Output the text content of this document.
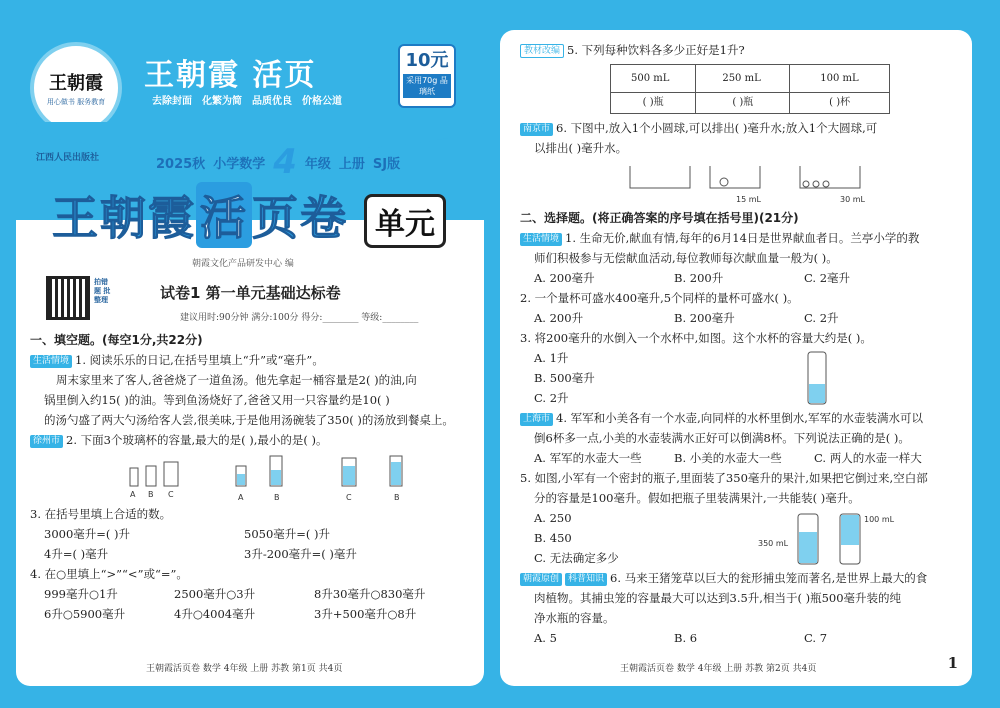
王朝霞
用心做书 服务教育
王朝霞 活页
去除封面 化繁为简 品质优良 价格公道
10元
采用70g 晶璃纸
江西人民出版社	2025秋 小学数学 4 年级 上册 SJ版
王朝霞活页卷 单元
朝霞文化产品研发中心 编
拍错题 批整理	试卷1 第一单元基础达标卷
建议用时:90分钟 满分:100分 得分:________ 等级:________
一、填空题。(每空1分,共22分)
生活情境 1. 阅读乐乐的日记,在括号里填上“升”或“毫升”。
周末家里来了客人,爸爸烧了一道鱼汤。他先拿起一桶容量是2( )的油,向
锅里倒入约15( )的油。等到鱼汤烧好了,爸爸又用一只容量约是10( )
的汤勺盛了两大勺汤给客人尝,很美味,于是他用汤碗装了350( )的汤放到餐桌上。
徐州市 2. 下面3个玻璃杯的容量,最大的是( ),最小的是( )。
A B C	A	B	C	B
3. 在括号里填上合适的数。
3000毫升=( )升	5050毫升=( )升
4升=( )毫升	3升-200毫升=( )毫升
4. 在○里填上“>”“<”或“=”。
999毫升○1升	2500毫升○3升	8升30毫升○830毫升
6升○5900毫升	4升○4004毫升	3升+500毫升○8升
王朝霞活页卷 数学 4年级 上册 苏教 第1页 共4页
教材改编 5. 下列每种饮料各多少正好是1升?
500 mL	250 mL	100 mL
( )瓶	( )瓶	( )杯
南京市 6. 下图中,放入1个小圆球,可以排出( )毫升水;放入1个大圆球,可
以排出( )毫升水。
15 mL	30 mL
二、选择题。(将正确答案的序号填在括号里)(21分)
生活情境 1. 生命无价,献血有情,每年的6月14日是世界献血者日。兰亭小学的教
师们积极参与无偿献血活动,每位教师每次献血量一般为( )。
A. 200毫升	B. 200升	C. 2毫升
2. 一个量杯可盛水400毫升,5个同样的量杯可盛水( )。
A. 200升	B. 200毫升	C. 2升
3. 将200毫升的水倒入一个水杯中,如图。这个水杯的容量大约是( )。
A. 1升
B. 500毫升
C. 2升
上海市 4. 军军和小美各有一个水壶,向同样的水杯里倒水,军军的水壶装满水可以
倒6杯多一点,小美的水壶装满水正好可以倒满8杯。下列说法正确的是( )。
A. 军军的水壶大一些	B. 小美的水壶大一些	C. 两人的水壶一样大
5. 如图,小军有一个密封的瓶子,里面装了350毫升的果汁,如果把它倒过来,空白部
分的容量是100毫升。假如把瓶子里装满果汁,一共能装( )毫升。
A. 250
B. 450
C. 无法确定多少
350 mL
100 mL
朝霞原创 科普知识 6. 马来王猪笼草以巨大的瓮形捕虫笼而著名,是世界上最大的食
肉植物。其捕虫笼的容量最大可以达到3.5升,相当于( )瓶500毫升装的纯
净水瓶的容量。
A. 5	B. 6	C. 7
王朝霞活页卷 数学 4年级 上册 苏教 第2页 共4页	1
